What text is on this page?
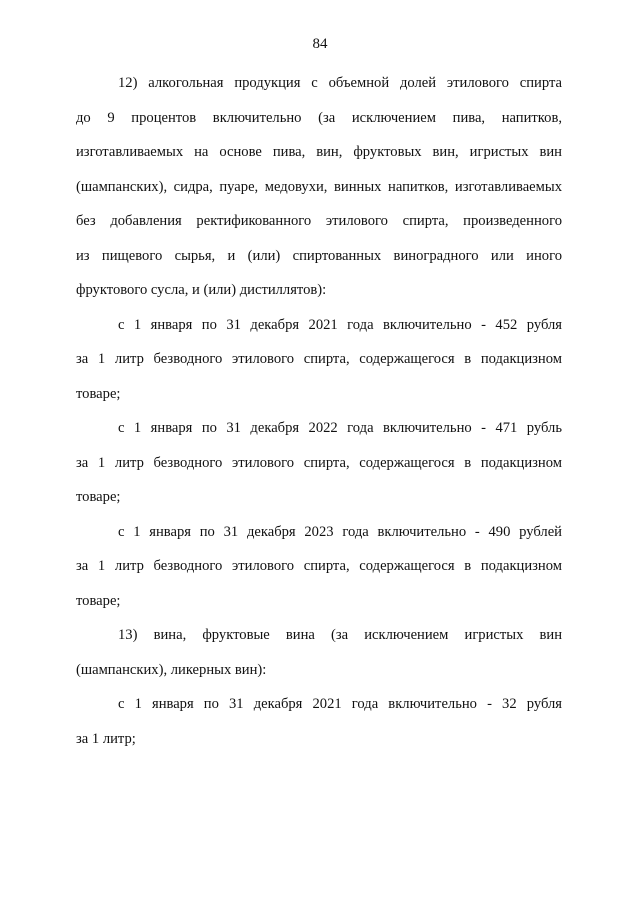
84

12) алкогольная продукция с объемной долей этилового спирта
до 9 процентов включительно (за исключением пива, напитков,
изготавливаемых на основе пива, вин, фруктовых вин, игристых вин
(шампанских), сидра, пуаре, медовухи, винных напитков, изготавливаемых
без добавления ректификованного этилового спирта, произведенного
из пищевого сырья, и (или) спиртованных виноградного или иного
фруктового сусла, и (или) дистиллятов):

с 1 января по 31 декабря 2021 года включительно - 452 рубля
за 1 литр безводного этилового спирта, содержащегося в подакцизном
товаре;

с 1 января по 31 декабря 2022 года включительно - 471 рубль
за 1 литр безводного этилового спирта, содержащегося в подакцизном
товаре;

с 1 января по 31 декабря 2023 года включительно - 490 рублей
за 1 литр безводного этилового спирта, содержащегося в подакцизном
товаре;

13) вина, фруктовые вина (за исключением игристых вин
(шампанских), ликерных вин):

с 1 января по 31 декабря 2021 года включительно - 32 рубля
за 1 литр;
